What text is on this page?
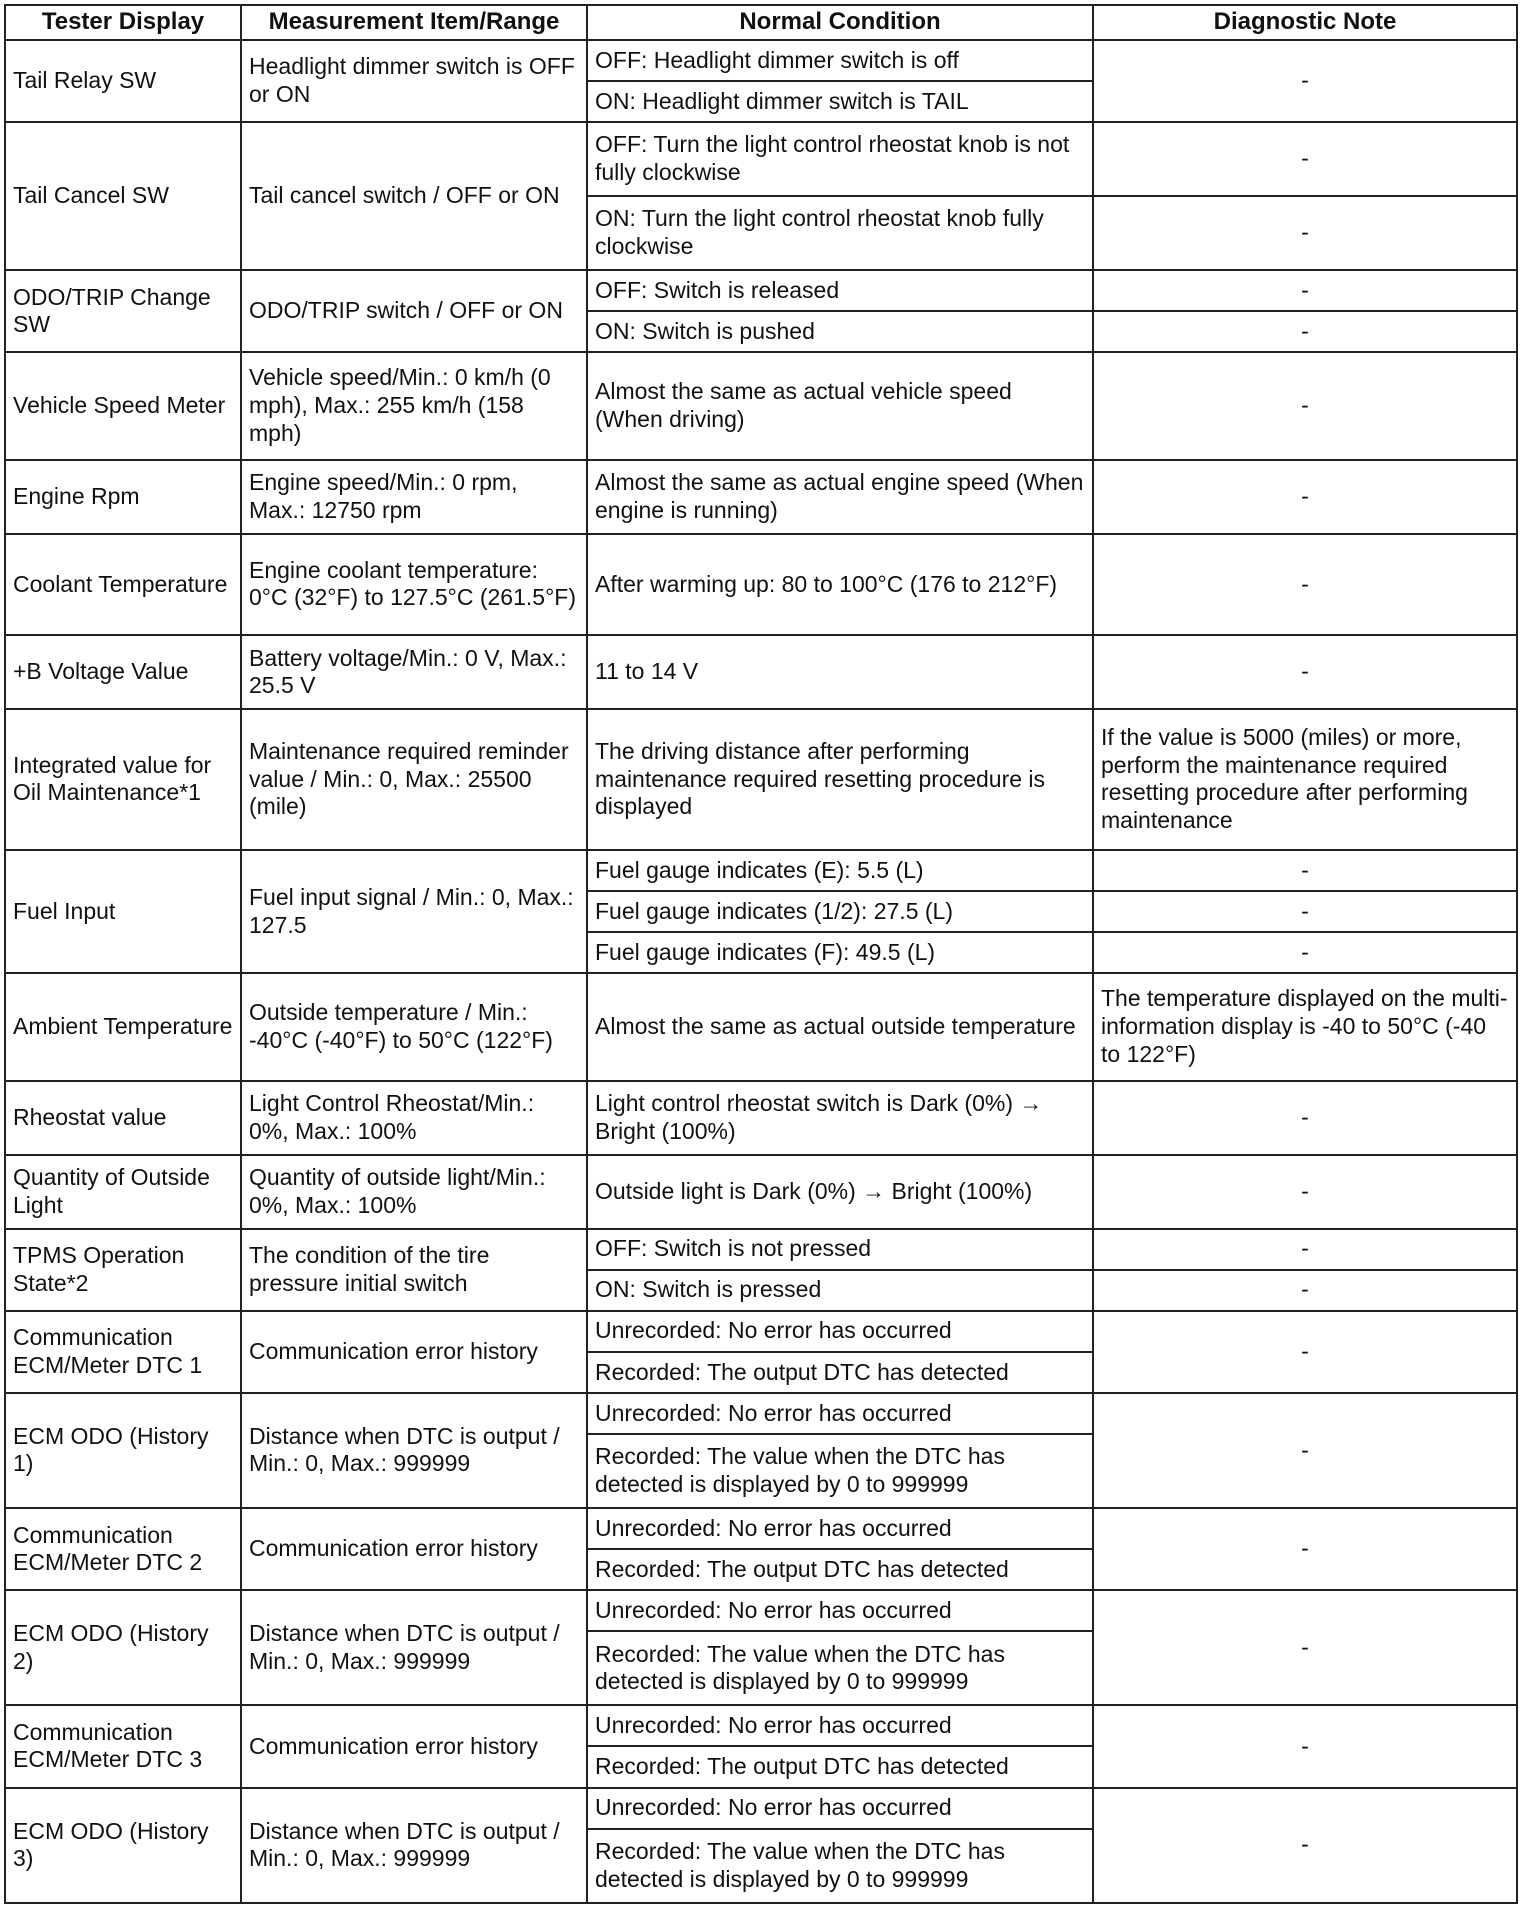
Tester Display	Measurement Item/Range	Normal Condition	Diagnostic Note
Tail Relay SW	Headlight dimmer switch is OFF or ON	OFF: Headlight dimmer switch is off	-
		ON: Headlight dimmer switch is TAIL	
Tail Cancel SW	Tail cancel switch / OFF or ON	OFF: Turn the light control rheostat knob is not fully clockwise	-
		ON: Turn the light control rheostat knob fully clockwise	-
ODO/TRIP Change SW	ODO/TRIP switch / OFF or ON	OFF: Switch is released	-
		ON: Switch is pushed	-
Vehicle Speed Meter	Vehicle speed/Min.: 0 km/h (0 mph), Max.: 255 km/h (158 mph)	Almost the same as actual vehicle speed (When driving)	-
Engine Rpm	Engine speed/Min.: 0 rpm, Max.: 12750 rpm	Almost the same as actual engine speed (When engine is running)	-
Coolant Temperature	Engine coolant temperature: 0°C (32°F) to 127.5°C (261.5°F)	After warming up: 80 to 100°C (176 to 212°F)	-
+B Voltage Value	Battery voltage/Min.: 0 V, Max.: 25.5 V	11 to 14 V	-
Integrated value for Oil Maintenance*1	Maintenance required reminder value / Min.: 0, Max.: 25500 (mile)	The driving distance after performing maintenance required resetting procedure is displayed	If the value is 5000 (miles) or more, perform the maintenance required resetting procedure after performing maintenance
Fuel Input	Fuel input signal / Min.: 0, Max.: 127.5	Fuel gauge indicates (E): 5.5 (L)	-
		Fuel gauge indicates (1/2): 27.5 (L)	-
		Fuel gauge indicates (F): 49.5 (L)	-
Ambient Temperature	Outside temperature / Min.: -40°C (-40°F) to 50°C (122°F)	Almost the same as actual outside temperature	The temperature displayed on the multi-information display is -40 to 50°C (-40 to 122°F)
Rheostat value	Light Control Rheostat/Min.: 0%, Max.: 100%	Light control rheostat switch is Dark (0%) → Bright (100%)	-
Quantity of Outside Light	Quantity of outside light/Min.: 0%, Max.: 100%	Outside light is Dark (0%) → Bright (100%)	-
TPMS Operation State*2	The condition of the tire pressure initial switch	OFF: Switch is not pressed	-
		ON: Switch is pressed	-
Communication ECM/Meter DTC 1	Communication error history	Unrecorded: No error has occurred	-
		Recorded: The output DTC has detected	
ECM ODO (History 1)	Distance when DTC is output / Min.: 0, Max.: 999999	Unrecorded: No error has occurred	-
		Recorded: The value when the DTC has detected is displayed by 0 to 999999	
Communication ECM/Meter DTC 2	Communication error history	Unrecorded: No error has occurred	-
		Recorded: The output DTC has detected	
ECM ODO (History 2)	Distance when DTC is output / Min.: 0, Max.: 999999	Unrecorded: No error has occurred	-
		Recorded: The value when the DTC has detected is displayed by 0 to 999999	
Communication ECM/Meter DTC 3	Communication error history	Unrecorded: No error has occurred	-
		Recorded: The output DTC has detected	
ECM ODO (History 3)	Distance when DTC is output / Min.: 0, Max.: 999999	Unrecorded: No error has occurred	-
		Recorded: The value when the DTC has detected is displayed by 0 to 999999	
